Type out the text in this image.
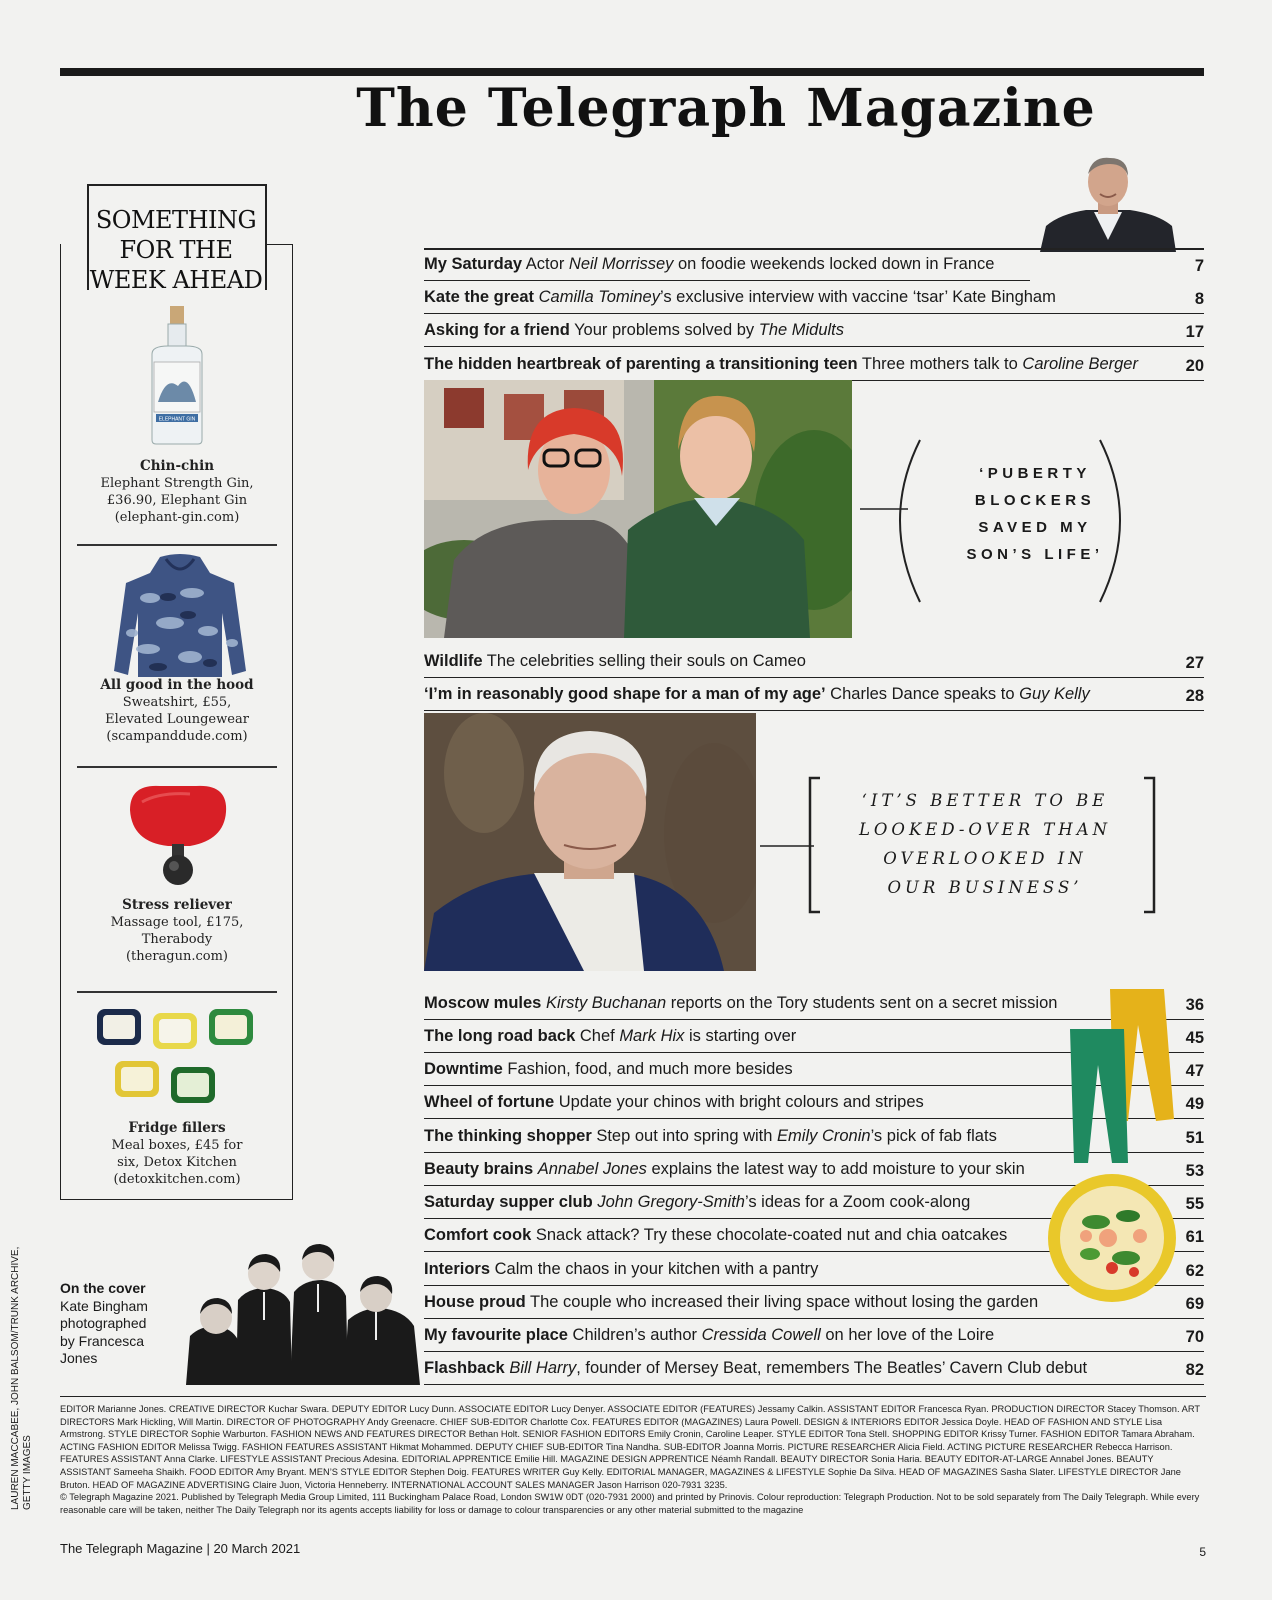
The Telegraph Magazine
SOMETHING
FOR THE
WEEK AHEAD
ELEPHANT GIN
Chin-chin
Elephant Strength Gin,
£36.90, Elephant Gin
(elephant-gin.com)
All good in the hood
Sweatshirt, £55,
Elevated Loungewear
(scampanddude.com)
Stress reliever
Massage tool, £175,
Therabody
(theragun.com)
Fridge fillers
Meal boxes, £45 for
six, Detox Kitchen
(detoxkitchen.com)
My Saturday Actor Neil Morrissey on foodie weekends locked down in France	7
Kate the great Camilla Tominey’s exclusive interview with vaccine ‘tsar’ Kate Bingham	8
Asking for a friend Your problems solved by The Midults	17
The hidden heartbreak of parenting a transitioning teen Three mothers talk to Caroline Berger	20
Wildlife The celebrities selling their souls on Cameo	27
‘I’m in reasonably good shape for a man of my age’ Charles Dance speaks to Guy Kelly	28
Moscow mules Kirsty Buchanan reports on the Tory students sent on a secret mission	36
The long road back Chef Mark Hix is starting over	45
Downtime Fashion, food, and much more besides	47
Wheel of fortune Update your chinos with bright colours and stripes	49
The thinking shopper Step out into spring with Emily Cronin’s pick of fab flats	51
Beauty brains Annabel Jones explains the latest way to add moisture to your skin	53
Saturday supper club John Gregory-Smith’s ideas for a Zoom cook-along	55
Comfort cook Snack attack? Try these chocolate-coated nut and chia oatcakes	61
Interiors Calm the chaos in your kitchen with a pantry	62
House proud The couple who increased their living space without losing the garden	69
My favourite place Children’s author Cressida Cowell on her love of the Loire	70
Flashback Bill Harry, founder of Mersey Beat, remembers The Beatles’ Cavern Club debut	82
‘PUBERTY
BLOCKERS
SAVED MY
SON’S LIFE’
‘IT’S BETTER TO BE
LOOKED-OVER THAN
OVERLOOKED IN
OUR BUSINESS’
On the cover
Kate Bingham
photographed
by Francesca
Jones
LAUREN MACCABEE, JOHN BALSOM/TRUNK ARCHIVE, GETTY IMAGES
EDITOR Marianne Jones. CREATIVE DIRECTOR Kuchar Swara. DEPUTY EDITOR Lucy Dunn. ASSOCIATE EDITOR Lucy Denyer. ASSOCIATE EDITOR (FEATURES) Jessamy Calkin. ASSISTANT EDITOR Francesca Ryan. PRODUCTION DIRECTOR Stacey Thomson. ART DIRECTORS Mark Hickling, Will Martin. DIRECTOR OF PHOTOGRAPHY Andy Greenacre. CHIEF SUB-EDITOR Charlotte Cox. FEATURES EDITOR (MAGAZINES) Laura Powell. DESIGN & INTERIORS EDITOR Jessica Doyle. HEAD OF FASHION AND STYLE Lisa Armstrong. STYLE DIRECTOR Sophie Warburton. FASHION NEWS AND FEATURES DIRECTOR Bethan Holt. SENIOR FASHION EDITORS Emily Cronin, Caroline Leaper. STYLE EDITOR Tona Stell. SHOPPING EDITOR Krissy Turner. FASHION EDITOR Tamara Abraham. ACTING FASHION EDITOR Melissa Twigg. FASHION FEATURES ASSISTANT Hikmat Mohammed. DEPUTY CHIEF SUB-EDITOR Tina Nandha. SUB-EDITOR Joanna Morris. PICTURE RESEARCHER Alicia Field. ACTING PICTURE RESEARCHER Rebecca Harrison. FEATURES ASSISTANT Anna Clarke. LIFESTYLE ASSISTANT Precious Adesina. EDITORIAL APPRENTICE Emilie Hill. MAGAZINE DESIGN APPRENTICE Néamh Randall. BEAUTY DIRECTOR Sonia Haria. BEAUTY EDITOR-AT-LARGE Annabel Jones. BEAUTY ASSISTANT Sameeha Shaikh. FOOD EDITOR Amy Bryant. MEN’S STYLE EDITOR Stephen Doig. FEATURES WRITER Guy Kelly. EDITORIAL MANAGER, MAGAZINES & LIFESTYLE Sophie Da Silva. HEAD OF MAGAZINES Sasha Slater. LIFESTYLE DIRECTOR Jane Bruton. HEAD OF MAGAZINE ADVERTISING Claire Juon, Victoria Henneberry. INTERNATIONAL ACCOUNT SALES MANAGER Jason Harrison 020-7931 3235.
© Telegraph Magazine 2021. Published by Telegraph Media Group Limited, 111 Buckingham Palace Road, London SW1W 0DT (020-7931 2000) and printed by Prinovis. Colour reproduction: Telegraph Production. Not to be sold separately from The Daily Telegraph. While every reasonable care will be taken, neither The Daily Telegraph nor its agents accepts liability for loss or damage to colour transparencies or any other material submitted to the magazine
The Telegraph Magazine | 20 March 2021	5
